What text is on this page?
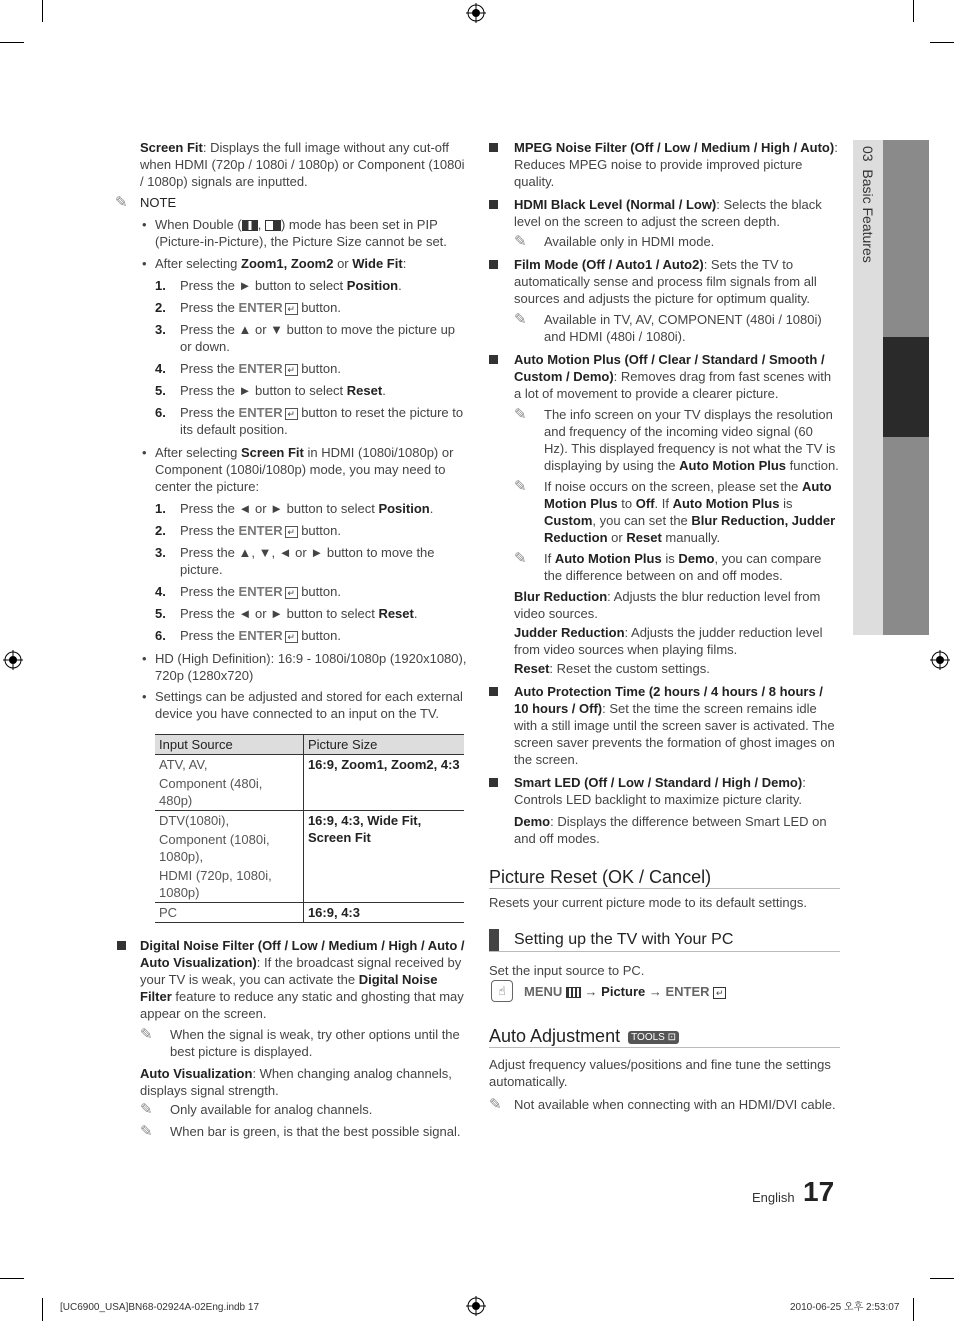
03  Basic Features

Screen Fit: Displays the full image without any cut-off when HDMI (720p / 1080i / 1080p) or Component (1080i / 1080p) signals are inputted.

✎ NOTE

• When Double ( , ) mode has been set in PIP (Picture-in-Picture), the Picture Size cannot be set.

• After selecting Zoom1, Zoom2 or Wide Fit:

1. Press the ► button to select Position.

2. Press the ENTER ↵ button.

3. Press the ▲ or ▼ button to move the picture up or down.

4. Press the ENTER ↵ button.

5. Press the ► button to select Reset.

6. Press the ENTER ↵ button to reset the picture to its default position.

• After selecting Screen Fit in HDMI (1080i/1080p) or Component (1080i/1080p) mode, you may need to center the picture:

1. Press the ◄ or ► button to select Position.

2. Press the ENTER ↵ button.

3. Press the ▲, ▼, ◄ or ► button to move the picture.

4. Press the ENTER ↵ button.

5. Press the ◄ or ► button to select Reset.

6. Press the ENTER ↵ button.

• HD (High Definition): 16:9 - 1080i/1080p (1920x1080), 720p (1280x720)

• Settings can be adjusted and stored for each external device you have connected to an input on the TV.

Input Source	Picture Size

ATV, AV,
Component (480i, 480p)	16:9, Zoom1, Zoom2, 4:3

DTV(1080i),
Component (1080i, 1080p),
HDMI (720p, 1080i, 1080p)	16:9, 4:3, Wide Fit, Screen Fit

PC	16:9, 4:3

Digital Noise Filter (Off / Low / Medium / High / Auto / Auto Visualization): If the broadcast signal received by your TV is weak, you can activate the Digital Noise Filter feature to reduce any static and ghosting that may appear on the screen.

✎	When the signal is weak, try other options until the best picture is displayed.

Auto Visualization: When changing analog channels, displays signal strength.

✎	Only available for analog channels.

✎	When bar is green, is that the best possible signal.

MPEG Noise Filter (Off / Low / Medium / High / Auto): Reduces MPEG noise to provide improved picture quality.

HDMI Black Level (Normal / Low): Selects the black level on the screen to adjust the screen depth.

✎	Available only in HDMI mode.

Film Mode (Off / Auto1 / Auto2): Sets the TV to automatically sense and process film signals from all sources and adjusts the picture for optimum quality.

✎	Available in TV, AV, COMPONENT (480i / 1080i) and HDMI (480i / 1080i).

Auto Motion Plus (Off / Clear / Standard / Smooth / Custom / Demo): Removes drag from fast scenes with a lot of movement to provide a clearer picture.

✎	The info screen on your TV displays the resolution and frequency of the incoming video signal (60 Hz). This displayed frequency is not what the TV is displaying by using the Auto Motion Plus function.

✎	If noise occurs on the screen, please set the Auto Motion Plus to Off. If Auto Motion Plus is Custom, you can set the Blur Reduction, Judder Reduction or Reset manually.

✎	If Auto Motion Plus is Demo, you can compare the difference between on and off modes.

Blur Reduction: Adjusts the blur reduction level from video sources.

Judder Reduction: Adjusts the judder reduction level from video sources when playing films.

Reset: Reset the custom settings.

Auto Protection Time (2 hours / 4 hours / 8 hours / 10 hours / Off): Set the time the screen remains idle with a still image until the screen saver is activated. The screen saver prevents the formation of ghost images on the screen.

Smart LED (Off / Low / Standard / High / Demo): Controls LED backlight to maximize picture clarity.

Demo: Displays the difference between Smart LED on and off modes.

Picture Reset (OK / Cancel)

Resets your current picture mode to its default settings.

Setting up the TV with Your PC

Set the input source to PC.

☝	MENU → Picture → ENTER ↵

Auto Adjustment TOOLS ⊡

Adjust frequency values/positions and fine tune the settings automatically.

✎ Not available when connecting with an HDMI/DVI cable.

English 17
[UC6900_USA]BN68-02924A-02Eng.indb 17	2010-06-25 오후 2:53:07
